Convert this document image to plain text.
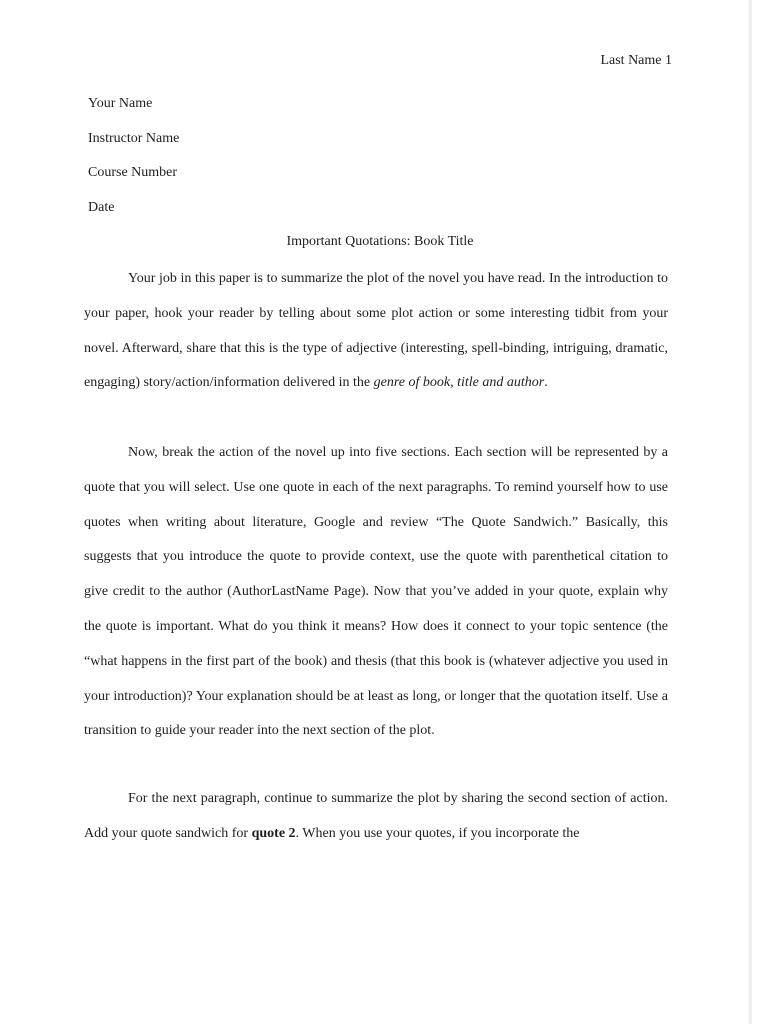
Last Name 1
Your Name
Instructor Name
Course Number
Date
Important Quotations: Book Title

Your job in this paper is to summarize the plot of the novel you have read. In the introduction to your paper, hook your reader by telling about some plot action or some interesting tidbit from your novel. Afterward, share that this is the type of adjective (interesting, spell-binding, intriguing, dramatic, engaging) story/action/information delivered in the genre of book, title and author.

Now, break the action of the novel up into five sections. Each section will be represented by a quote that you will select. Use one quote in each of the next paragraphs. To remind yourself how to use quotes when writing about literature, Google and review “The Quote Sandwich.” Basically, this suggests that you introduce the quote to provide context, use the quote with parenthetical citation to give credit to the author (AuthorLastName Page). Now that you’ve added in your quote, explain why the quote is important. What do you think it means? How does it connect to your topic sentence (the “what happens in the first part of the book) and thesis (that this book is (whatever adjective you used in your introduction)? Your explanation should be at least as long, or longer that the quotation itself. Use a transition to guide your reader into the next section of the plot.

For the next paragraph, continue to summarize the plot by sharing the second section of action. Add your quote sandwich for quote 2. When you use your quotes, if you incorporate the
